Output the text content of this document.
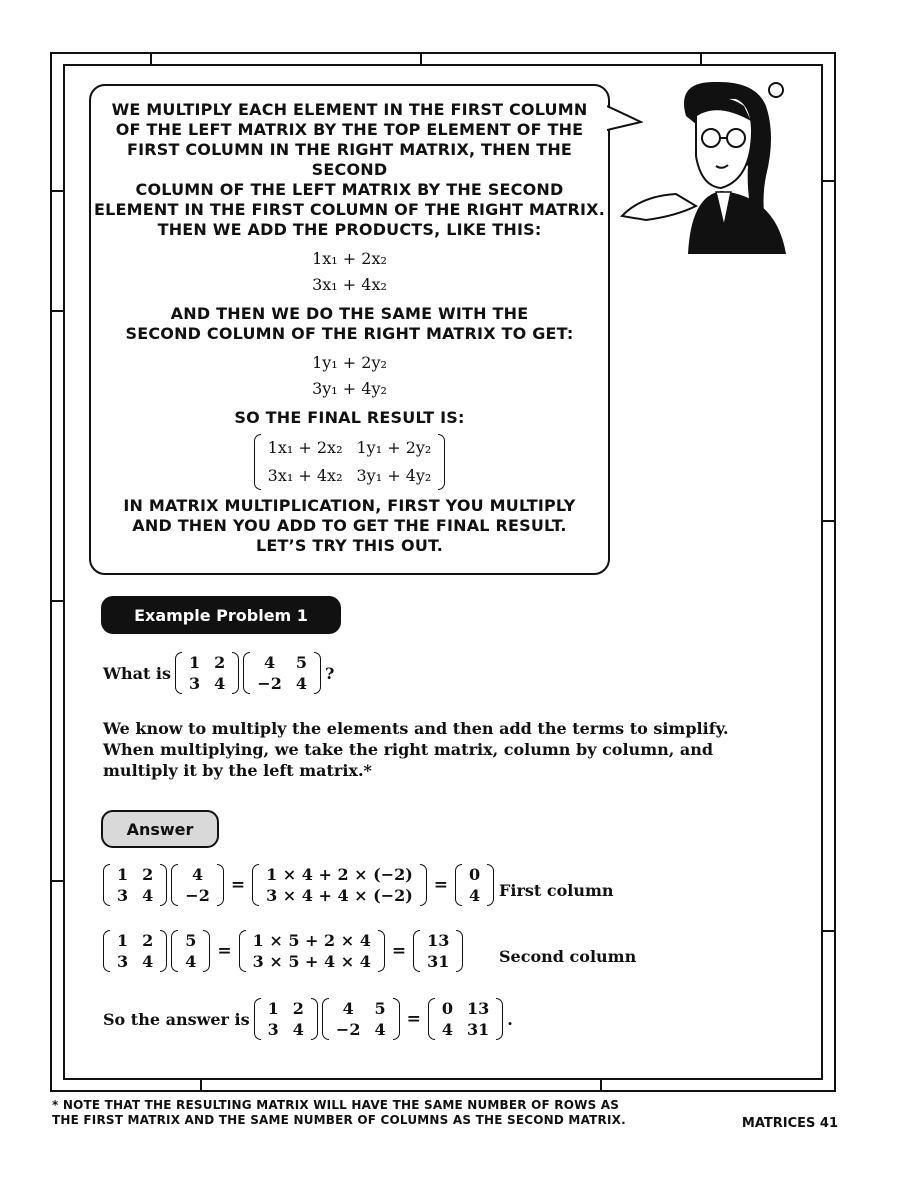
WE MULTIPLY EACH ELEMENT IN THE FIRST COLUMN
OF THE LEFT MATRIX BY THE TOP ELEMENT OF THE
FIRST COLUMN IN THE RIGHT MATRIX, THEN THE SECOND
COLUMN OF THE LEFT MATRIX BY THE SECOND
ELEMENT IN THE FIRST COLUMN OF THE RIGHT MATRIX.
THEN WE ADD THE PRODUCTS, LIKE THIS:
1x₁ + 2x₂
3x₁ + 4x₂
AND THEN WE DO THE SAME WITH THE
SECOND COLUMN OF THE RIGHT MATRIX TO GET:
1y₁ + 2y₂
3y₁ + 4y₂
SO THE FINAL RESULT IS:
1x₁ + 2x₂	1y₁ + 2y₂
3x₁ + 4x₂	3y₁ + 4y₂
IN MATRIX MULTIPLICATION, FIRST YOU MULTIPLY
AND THEN YOU ADD TO GET THE FINAL RESULT.
LET’S TRY THIS OUT.
Example Problem 1
What is
1	2
3	4
4	5
−2	4
?
We know to multiply the elements and then add the terms to simplify.
When multiplying, we take the right matrix, column by column, and
multiply it by the left matrix.*
Answer
1	2
3	4
4
−2
=
1 × 4 + 2 × (−2)
3 × 4 + 4 × (−2)
=
0
4 First column
1	2
3	4
5
4
=
1 × 5 + 2 × 4
3 × 5 + 4 × 4
=
13
31	Second column
So the answer is
1	2
3	4
4	5
−2	4
=
0	13
4	31
.
* NOTE THAT THE RESULTING MATRIX WILL HAVE THE SAME NUMBER OF ROWS AS
THE FIRST MATRIX AND THE SAME NUMBER OF COLUMNS AS THE SECOND MATRIX.	MATRICES 41
